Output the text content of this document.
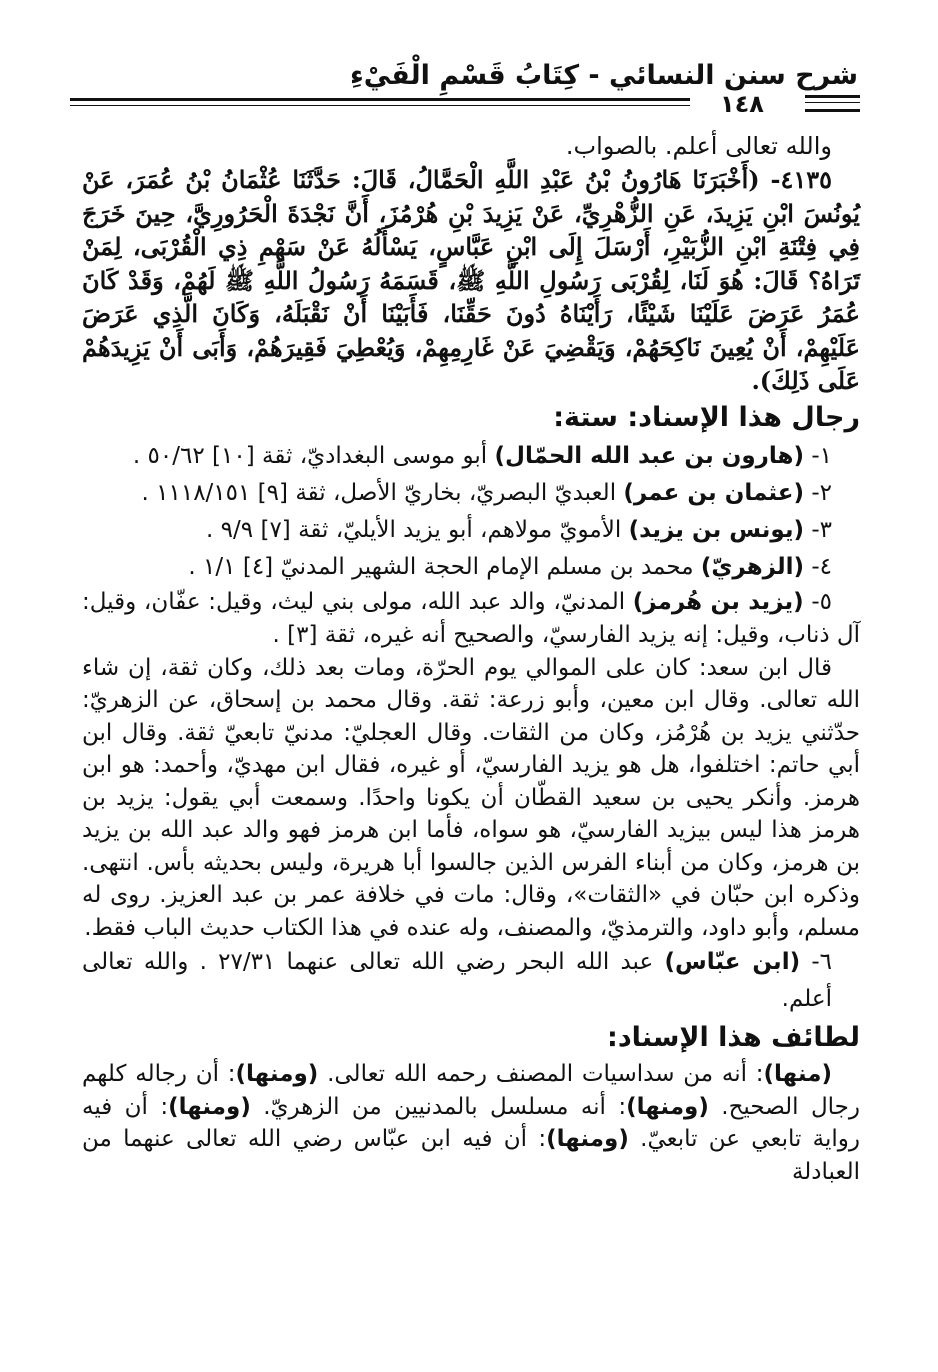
شرح سنن النسائي - كِتَابُ قَسْمِ الْفَيْءِ
١٤٨
والله تعالى أعلم. بالصواب.

٤١٣٥- (أَخْبَرَنَا هَارُونُ بْنُ عَبْدِ اللَّهِ الْحَمَّالُ، قَالَ: حَدَّثَنَا عُثْمَانُ بْنُ عُمَرَ، عَنْ يُونُسَ ابْنِ يَزِيدَ، عَنِ الزُّهْرِيِّ، عَنْ يَزِيدَ بْنِ هُرْمُزَ، أَنَّ نَجْدَةَ الْحَرُورِيَّ، حِينَ خَرَجَ فِي فِتْنَةِ ابْنِ الزُّبَيْرِ، أَرْسَلَ إِلَى ابْنِ عَبَّاسٍ، يَسْأَلُهُ عَنْ سَهْمِ ذِي الْقُرْبَى، لِمَنْ تَرَاهُ؟ قَالَ: هُوَ لَنَا، لِقُرْبَى رَسُولِ اللَّهِ ﷺ، قَسَمَهُ رَسُولُ اللَّهِ ﷺ لَهُمْ، وَقَدْ كَانَ عُمَرُ عَرَضَ عَلَيْنَا شَيْئًا، رَأَيْنَاهُ دُونَ حَقِّنَا، فَأَبَيْنَا أَنْ نَقْبَلَهُ، وَكَانَ الَّذِي عَرَضَ عَلَيْهِمْ، أَنْ يُعِينَ نَاكِحَهُمْ، وَيَقْضِيَ عَنْ غَارِمِهِمْ، وَيُعْطِيَ فَقِيرَهُمْ، وَأَبَى أَنْ يَزِيدَهُمْ عَلَى ذَلِكَ).

رجال هذا الإسناد: ستة:

١- (هارون بن عبد الله الحمّال) أبو موسى البغداديّ، ثقة [١٠] ٥٠/٦٢ .

٢- (عثمان بن عمر) العبديّ البصريّ، بخاريّ الأصل، ثقة [٩] ١١١٨/١٥١ .

٣- (يونس بن يزيد) الأمويّ مولاهم، أبو يزيد الأيليّ، ثقة [٧] ٩/٩ .

٤- (الزهريّ) محمد بن مسلم الإمام الحجة الشهير المدنيّ [٤] ١/١ .

٥- (يزيد بن هُرمز) المدنيّ، والد عبد الله، مولى بني ليث، وقيل: عفّان، وقيل: آل ذناب، وقيل: إنه يزيد الفارسيّ، والصحيح أنه غيره، ثقة [٣] .

قال ابن سعد: كان على الموالي يوم الحرّة، ومات بعد ذلك، وكان ثقة، إن شاء الله تعالى. وقال ابن معين، وأبو زرعة: ثقة. وقال محمد بن إسحاق، عن الزهريّ: حدّثني يزيد بن هُرْمُز، وكان من الثقات. وقال العجليّ: مدنيّ تابعيّ ثقة. وقال ابن أبي حاتم: اختلفوا، هل هو يزيد الفارسيّ، أو غيره، فقال ابن مهديّ، وأحمد: هو ابن هرمز. وأنكر يحيى بن سعيد القطّان أن يكونا واحدًا. وسمعت أبي يقول: يزيد بن هرمز هذا ليس بيزيد الفارسيّ، هو سواه، فأما ابن هرمز فهو والد عبد الله بن يزيد بن هرمز، وكان من أبناء الفرس الذين جالسوا أبا هريرة، وليس بحديثه بأس. انتهى. وذكره ابن حبّان في «الثقات»، وقال: مات في خلافة عمر بن عبد العزيز. روى له مسلم، وأبو داود، والترمذيّ، والمصنف، وله عنده في هذا الكتاب حديث الباب فقط.

٦- (ابن عبّاس) عبد الله البحر رضي الله تعالى عنهما ٢٧/٣١ . والله تعالى أعلم.

لطائف هذا الإسناد:

(منها): أنه من سداسيات المصنف رحمه الله تعالى. (ومنها): أن رجاله كلهم رجال الصحيح. (ومنها): أنه مسلسل بالمدنيين من الزهريّ. (ومنها): أن فيه رواية تابعي عن تابعيّ. (ومنها): أن فيه ابن عبّاس رضي الله تعالى عنهما من العبادلة
